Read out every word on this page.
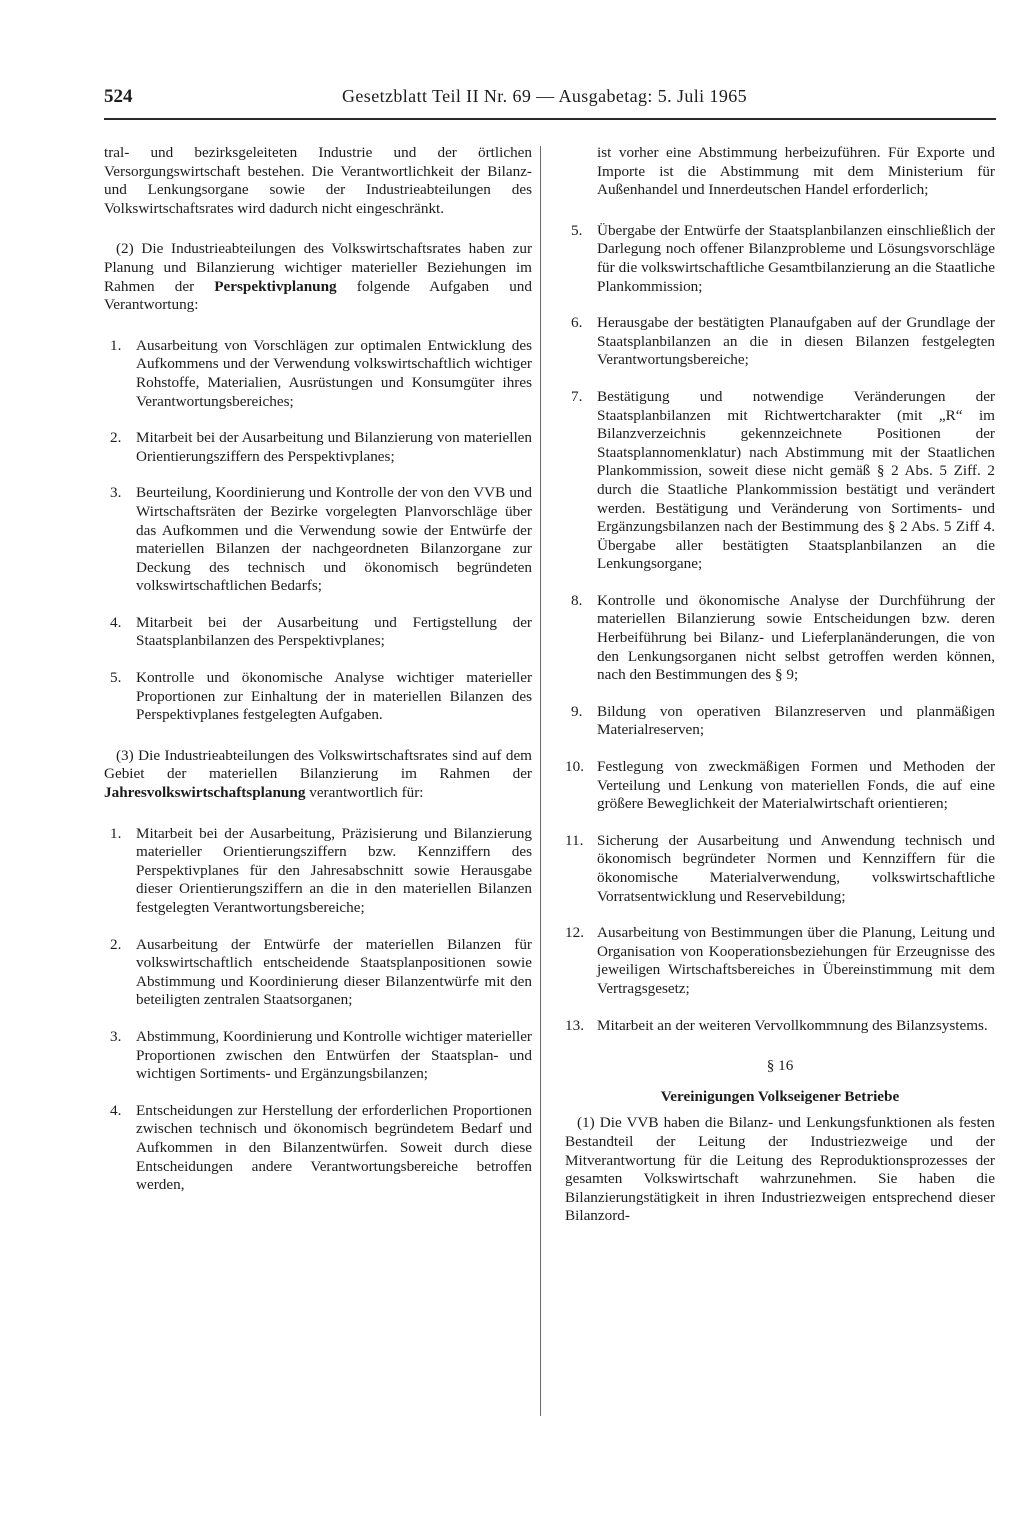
524	Gesetzblatt Teil II Nr. 69 — Ausgabetag: 5. Juli 1965

tral- und bezirksgeleiteten Industrie und der örtlichen Versorgungswirtschaft bestehen. Die Verantwortlichkeit der Bilanz- und Lenkungsorgane sowie der Industrieabteilungen des Volkswirtschaftsrates wird dadurch nicht eingeschränkt.

(2) Die Industrieabteilungen des Volkswirtschaftsrates haben zur Planung und Bilanzierung wichtiger materieller Beziehungen im Rahmen der Perspektivplanung folgende Aufgaben und Verantwortung:

1. Ausarbeitung von Vorschlägen zur optimalen Entwicklung des Aufkommens und der Verwendung volkswirtschaftlich wichtiger Rohstoffe, Materialien, Ausrüstungen und Konsumgüter ihres Verantwortungsbereiches;
2. Mitarbeit bei der Ausarbeitung und Bilanzierung von materiellen Orientierungsziffern des Perspektivplanes;
3. Beurteilung, Koordinierung und Kontrolle der von den VVB und Wirtschaftsräten der Bezirke vorgelegten Planvorschläge über das Aufkommen und die Verwendung sowie der Entwürfe der materiellen Bilanzen der nachgeordneten Bilanzorgane zur Deckung des technisch und ökonomisch begründeten volkswirtschaftlichen Bedarfs;
4. Mitarbeit bei der Ausarbeitung und Fertigstellung der Staatsplanbilanzen des Perspektivplanes;
5. Kontrolle und ökonomische Analyse wichtiger materieller Proportionen zur Einhaltung der in materiellen Bilanzen des Perspektivplanes festgelegten Aufgaben.

(3) Die Industrieabteilungen des Volkswirtschaftsrates sind auf dem Gebiet der materiellen Bilanzierung im Rahmen der Jahresvolkswirtschaftsplanung verantwortlich für:

1. Mitarbeit bei der Ausarbeitung, Präzisierung und Bilanzierung materieller Orientierungsziffern bzw. Kennziffern des Perspektivplanes für den Jahresabschnitt sowie Herausgabe dieser Orientierungsziffern an die in den materiellen Bilanzen festgelegten Verantwortungsbereiche;
2. Ausarbeitung der Entwürfe der materiellen Bilanzen für volkswirtschaftlich entscheidende Staatsplanpositionen sowie Abstimmung und Koordinierung dieser Bilanzentwürfe mit den beteiligten zentralen Staatsorganen;
3. Abstimmung, Koordinierung und Kontrolle wichtiger materieller Proportionen zwischen den Entwürfen der Staatsplan- und wichtigen Sortiments- und Ergänzungsbilanzen;
4. Entscheidungen zur Herstellung der erforderlichen Proportionen zwischen technisch und ökonomisch begründetem Bedarf und Aufkommen in den Bilanzentwürfen. Soweit durch diese Entscheidungen andere Verantwortungsbereiche betroffen werden,

ist vorher eine Abstimmung herbeizuführen. Für Exporte und Importe ist die Abstimmung mit dem Ministerium für Außenhandel und Innerdeutschen Handel erforderlich;

5. Übergabe der Entwürfe der Staatsplanbilanzen einschließlich der Darlegung noch offener Bilanzprobleme und Lösungsvorschläge für die volkswirtschaftliche Gesamtbilanzierung an die Staatliche Plankommission;
6. Herausgabe der bestätigten Planaufgaben auf der Grundlage der Staatsplanbilanzen an die in diesen Bilanzen festgelegten Verantwortungsbereiche;
7. Bestätigung und notwendige Veränderungen der Staatsplanbilanzen mit Richtwertcharakter (mit „R“ im Bilanzverzeichnis gekennzeichnete Positionen der Staatsplannomenklatur) nach Abstimmung mit der Staatlichen Plankommission, soweit diese nicht gemäß § 2 Abs. 5 Ziff. 2 durch die Staatliche Plankommission bestätigt und verändert werden. Bestätigung und Veränderung von Sortiments- und Ergänzungsbilanzen nach der Bestimmung des § 2 Abs. 5 Ziff 4. Übergabe aller bestätigten Staatsplanbilanzen an die Lenkungsorgane;
8. Kontrolle und ökonomische Analyse der Durchführung der materiellen Bilanzierung sowie Entscheidungen bzw. deren Herbeiführung bei Bilanz- und Lieferplanänderungen, die von den Lenkungsorganen nicht selbst getroffen werden können, nach den Bestimmungen des § 9;
9. Bildung von operativen Bilanzreserven und planmäßigen Materialreserven;
10. Festlegung von zweckmäßigen Formen und Methoden der Verteilung und Lenkung von materiellen Fonds, die auf eine größere Beweglichkeit der Materialwirtschaft orientieren;
11. Sicherung der Ausarbeitung und Anwendung technisch und ökonomisch begründeter Normen und Kennziffern für die ökonomische Materialverwendung, volkswirtschaftliche Vorratsentwicklung und Reservebildung;
12. Ausarbeitung von Bestimmungen über die Planung, Leitung und Organisation von Kooperationsbeziehungen für Erzeugnisse des jeweiligen Wirtschaftsbereiches in Übereinstimmung mit dem Vertragsgesetz;
13. Mitarbeit an der weiteren Vervollkommnung des Bilanzsystems.
§ 16
Vereinigungen Volkseigener Betriebe

(1) Die VVB haben die Bilanz- und Lenkungsfunktionen als festen Bestandteil der Leitung der Industriezweige und der Mitverantwortung für die Leitung des Reproduktionsprozesses der gesamten Volkswirtschaft wahrzunehmen. Sie haben die Bilanzierungstätigkeit in ihren Industriezweigen entsprechend dieser Bilanzord-
